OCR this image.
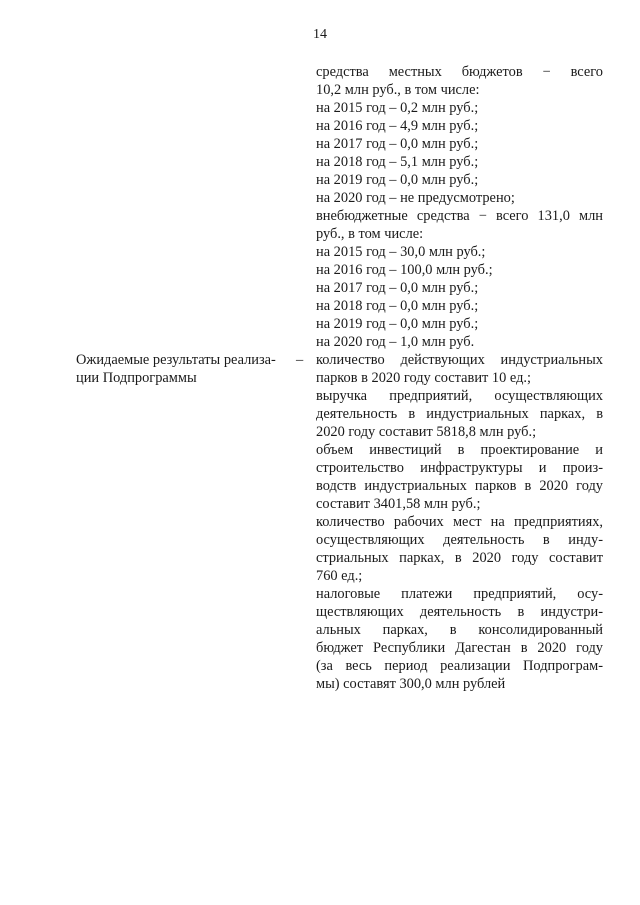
14
средства местных бюджетов − всего
10,2 млн руб., в том числе:
на 2015 год – 0,2 млн руб.;
на 2016 год – 4,9 млн руб.;
на 2017 год – 0,0 млн руб.;
на 2018 год – 5,1 млн руб.;
на 2019 год – 0,0 млн руб.;
на 2020 год – не предусмотрено;
внебюджетные средства − всего 131,0 млн
руб., в том числе:
на 2015 год – 30,0 млн руб.;
на 2016 год – 100,0 млн руб.;
на 2017 год – 0,0 млн руб.;
на 2018 год – 0,0 млн руб.;
на 2019 год – 0,0 млн руб.;
на 2020 год – 1,0 млн руб.
Ожидаемые результаты реализа-
ции Подпрограммы
– количество действующих индустриальных
парков в 2020 году составит 10 ед.;
выручка предприятий, осуществляющих
деятельность в индустриальных парках, в
2020 году составит 5818,8 млн руб.;
объем инвестиций в проектирование и
строительство инфраструктуры и произ-
водств индустриальных парков в 2020 году
составит 3401,58 млн руб.;
количество рабочих мест на предприятиях,
осуществляющих деятельность в инду-
стриальных парках, в 2020 году составит
760 ед.;
налоговые платежи предприятий, осу-
ществляющих деятельность в индустри-
альных парках, в консолидированный
бюджет Республики Дагестан в 2020 году
(за весь период реализации Подпрограм-
мы) составят 300,0 млн рублей
